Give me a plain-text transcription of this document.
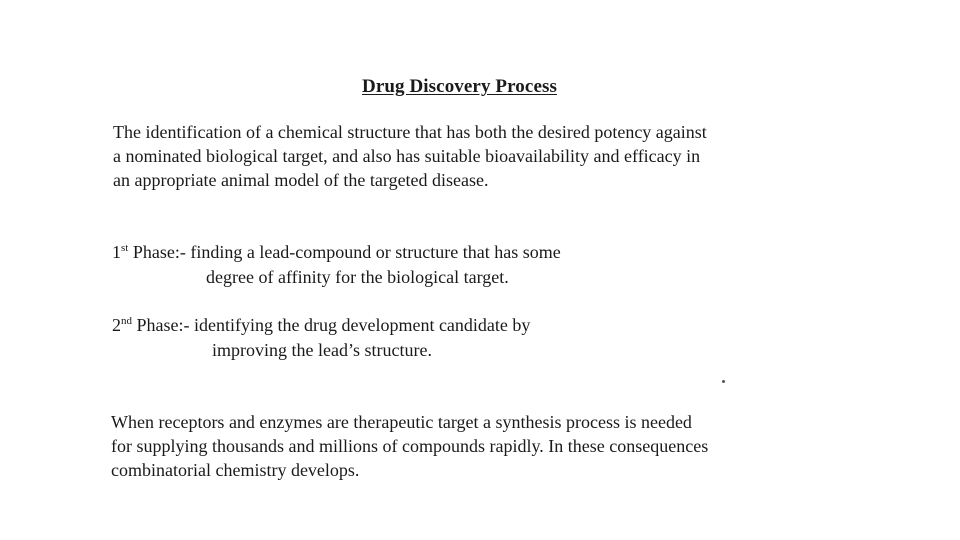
Drug Discovery Process
The identification of a chemical structure that has both the desired potency against
a nominated biological target, and also has suitable bioavailability and efficacy in
an appropriate animal model of the targeted disease.
1st Phase:- finding a lead-compound or structure that has some
degree of affinity for the biological target.
2nd Phase:- identifying the drug development candidate by
improving the lead’s structure.
When receptors and enzymes are therapeutic target a synthesis process is needed
for supplying thousands and millions of compounds rapidly. In these consequences
combinatorial chemistry develops.
